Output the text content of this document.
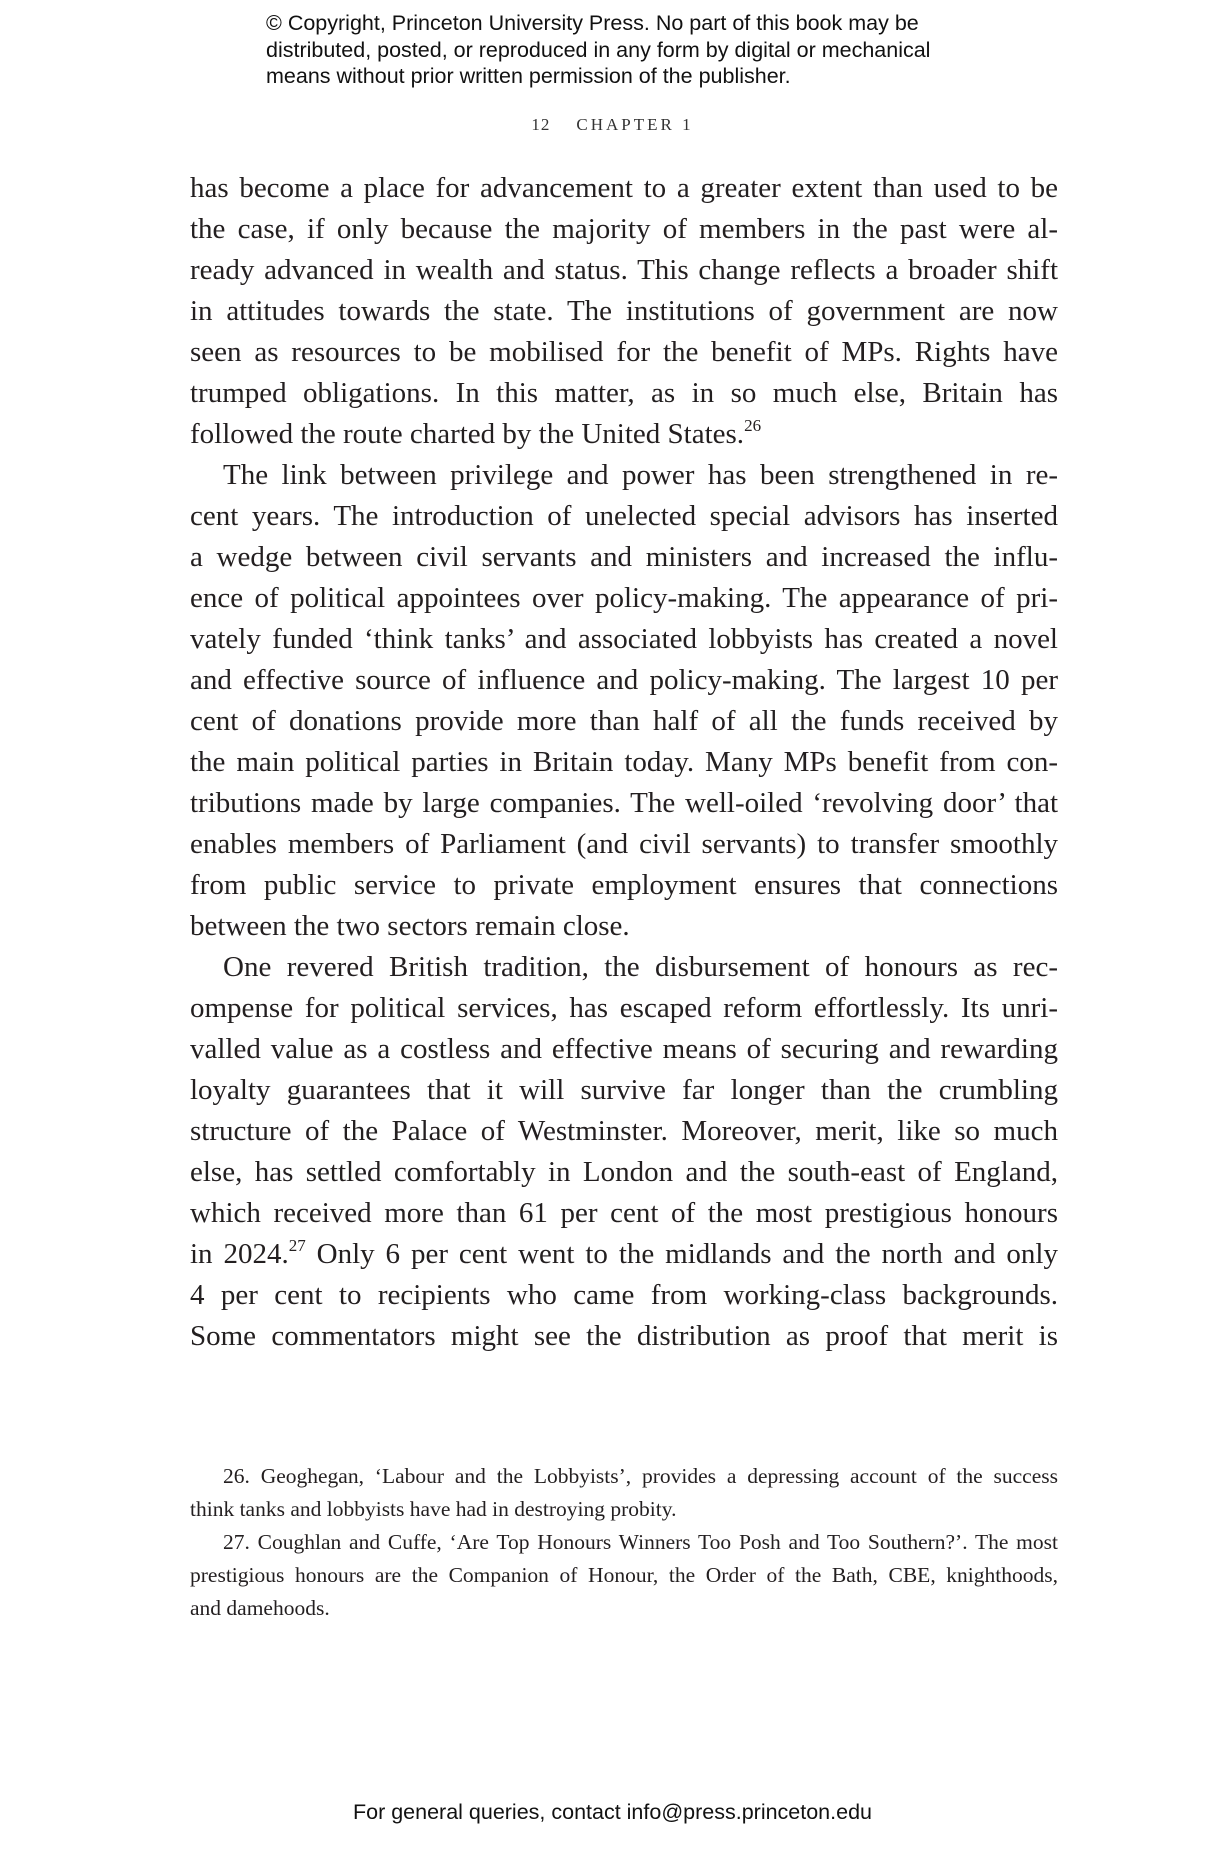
© Copyright, Princeton University Press. No part of this book may be
distributed, posted, or reproduced in any form by digital or mechanical
means without prior written permission of the publisher.
12 CHAPTER 1
has become a place for advancement to a greater extent than used to be
the case, if only because the majority of members in the past were al-
ready advanced in wealth and status. This change reflects a broader shift
in attitudes towards the state. The institutions of government are now
seen as resources to be mobilised for the benefit of MPs. Rights have
trumped obligations. In this matter, as in so much else, Britain has
followed the route charted by the United States.$^{26}$
The link between privilege and power has been strengthened in re-
cent years. The introduction of unelected special advisors has inserted
a wedge between civil servants and ministers and increased the influ-
ence of political appointees over policy-making. The appearance of pri-
vately funded ‘think tanks’ and associated lobbyists has created a novel
and effective source of influence and policy-making. The largest 10 per
cent of donations provide more than half of all the funds received by
the main political parties in Britain today. Many MPs benefit from con-
tributions made by large companies. The well-oiled ‘revolving door’ that
enables members of Parliament (and civil servants) to transfer smoothly
from public service to private employment ensures that connections
between the two sectors remain close.
One revered British tradition, the disbursement of honours as rec-
ompense for political services, has escaped reform effortlessly. Its unri-
valled value as a costless and effective means of securing and rewarding
loyalty guarantees that it will survive far longer than the crumbling
structure of the Palace of Westminster. Moreover, merit, like so much
else, has settled comfortably in London and the south-east of England,
which received more than 61 per cent of the most prestigious honours
in 2024.27 Only 6 per cent went to the midlands and the north and only
4 per cent to recipients who came from working-class backgrounds.
Some commentators might see the distribution as proof that merit is
26. Geoghegan, ‘Labour and the Lobbyists’, provides a depressing account of the success
think tanks and lobbyists have had in destroying probity.
27. Coughlan and Cuffe, ‘Are Top Honours Winners Too Posh and Too Southern?’. The most
prestigious honours are the Companion of Honour, the Order of the Bath, CBE, knighthoods,
and damehoods.
For general queries, contact info@press.princeton.edu
